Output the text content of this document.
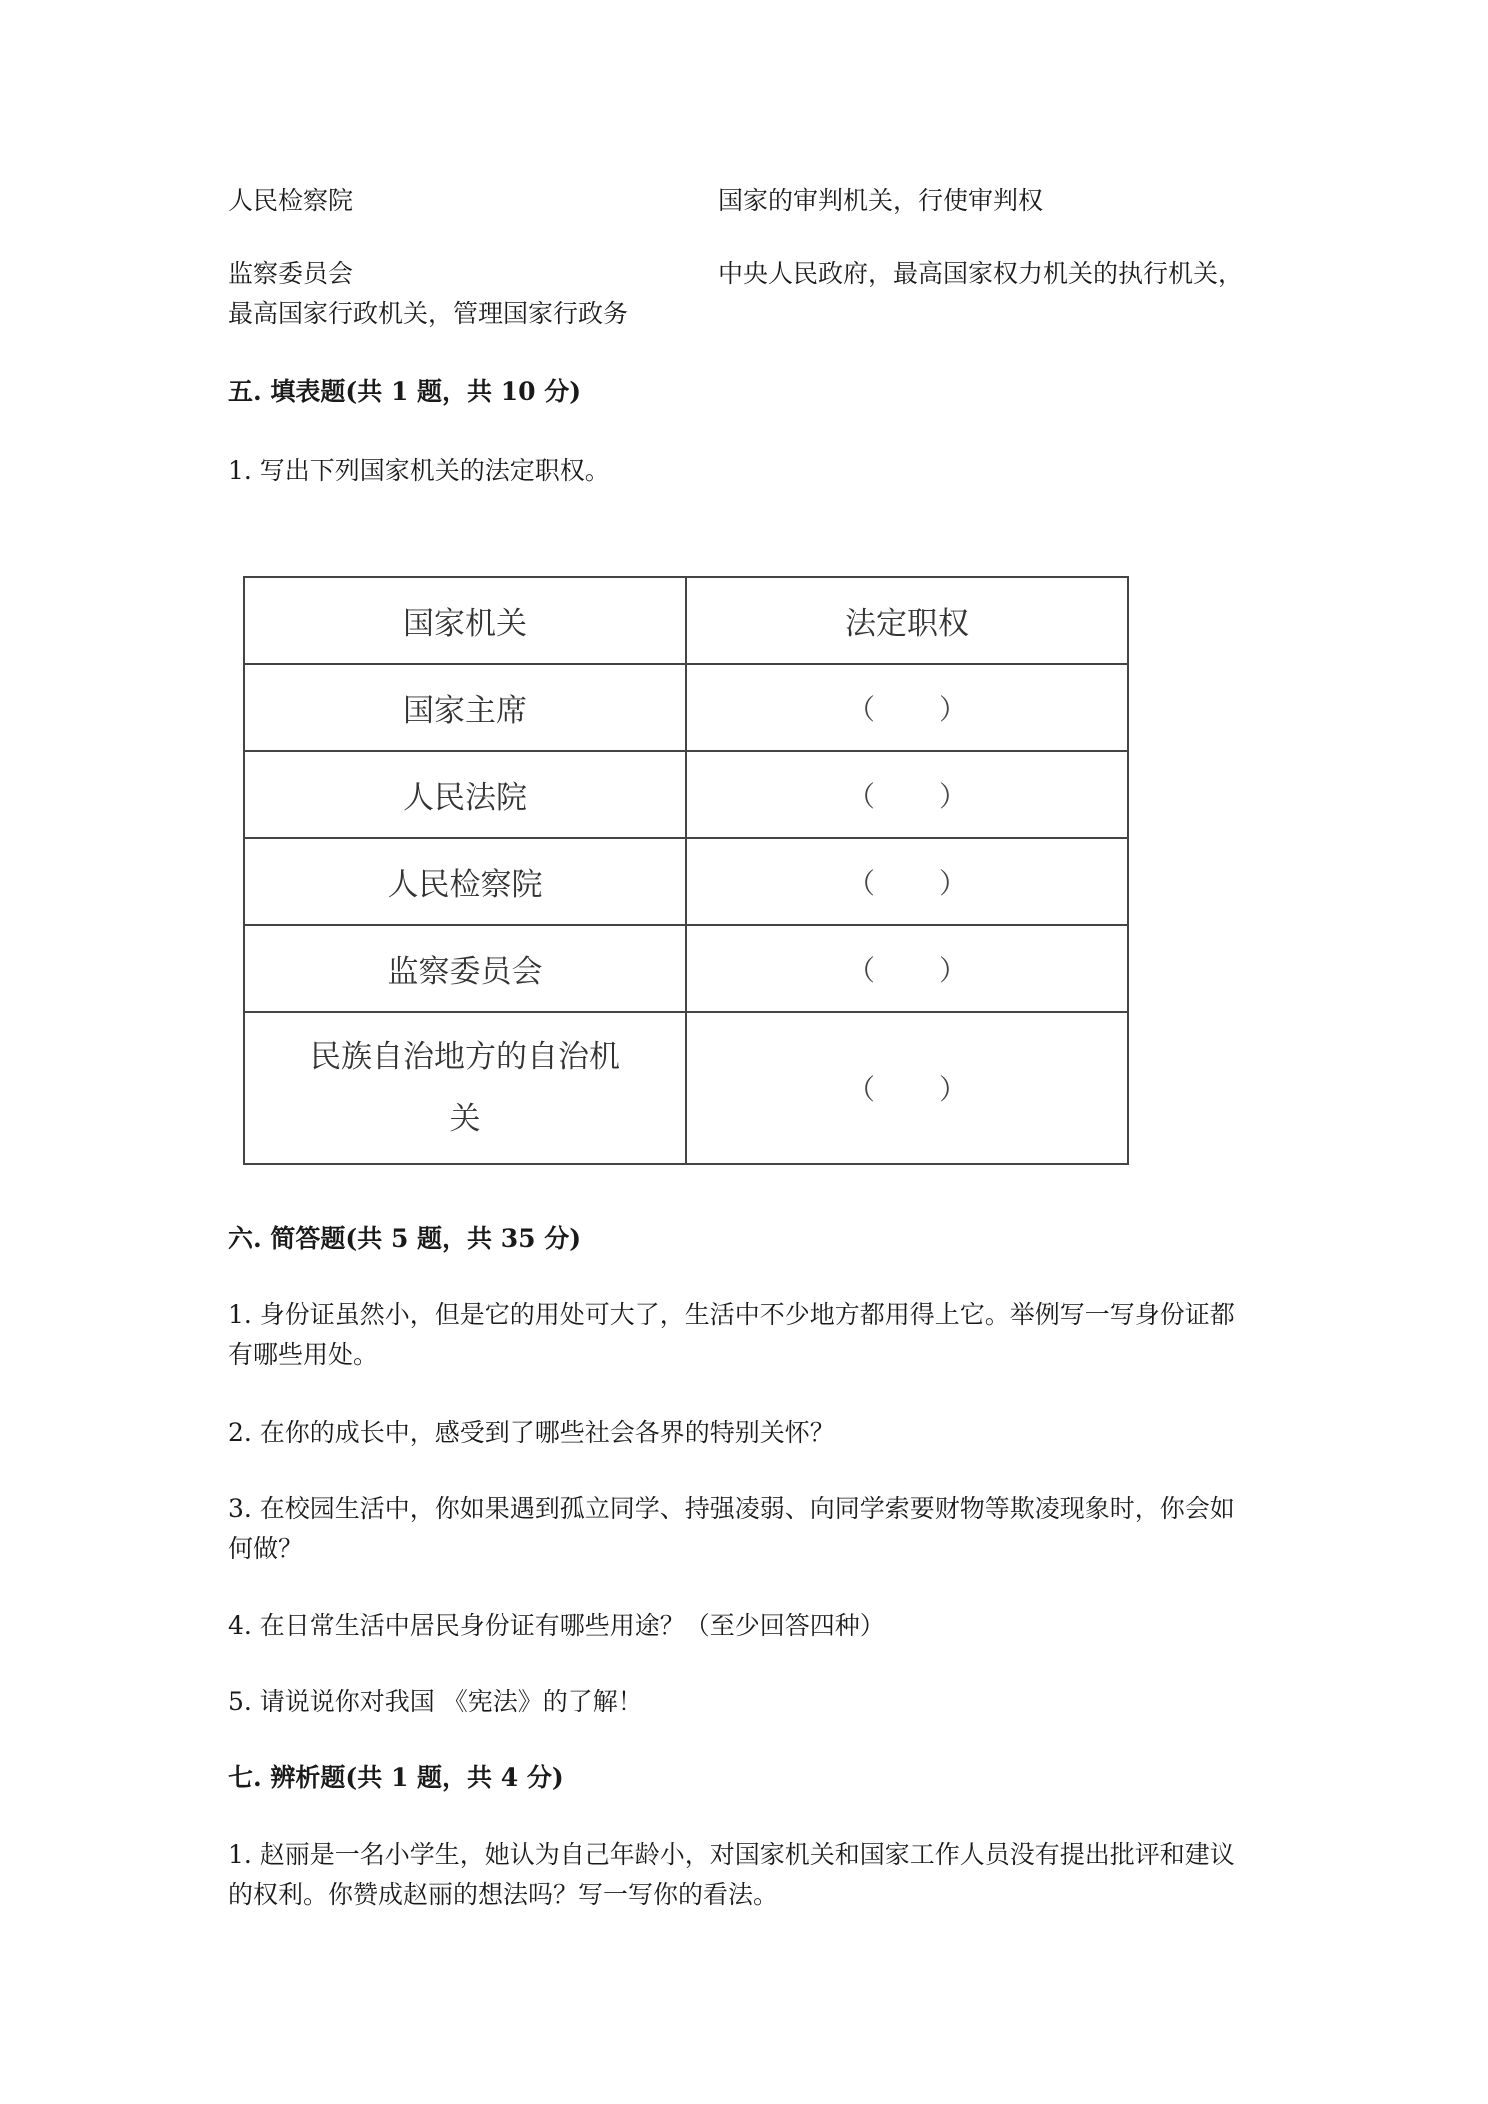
人民检察院	国家的审判机关，行使审判权
监察委员会	中央人民政府，最高国家权力机关的执行机关，
最高国家行政机关，管理国家行政务
五. 填表题(共 1 题，共 10 分)
1. 写出下列国家机关的法定职权。
国家机关	法定职权
国家主席	（ ）

人民法院	（ ）

人民检察院	（ ）

监察委员会	（ ）

民族自治地方的自治机关	（ ）
六. 简答题(共 5 题，共 35 分)
1. 身份证虽然小，但是它的用处可大了，生活中不少地方都用得上它。举例写一写身份证都
有哪些用处。
2. 在你的成长中，感受到了哪些社会各界的特别关怀？
3. 在校园生活中，你如果遇到孤立同学、持强凌弱、向同学索要财物等欺凌现象时，你会如
何做？
4. 在日常生活中居民身份证有哪些用途？（至少回答四种）
5. 请说说你对我国 《宪法》的了解！
七. 辨析题(共 1 题，共 4 分)
1. 赵丽是一名小学生，她认为自己年龄小，对国家机关和国家工作人员没有提出批评和建议
的权利。你赞成赵丽的想法吗？写一写你的看法。
